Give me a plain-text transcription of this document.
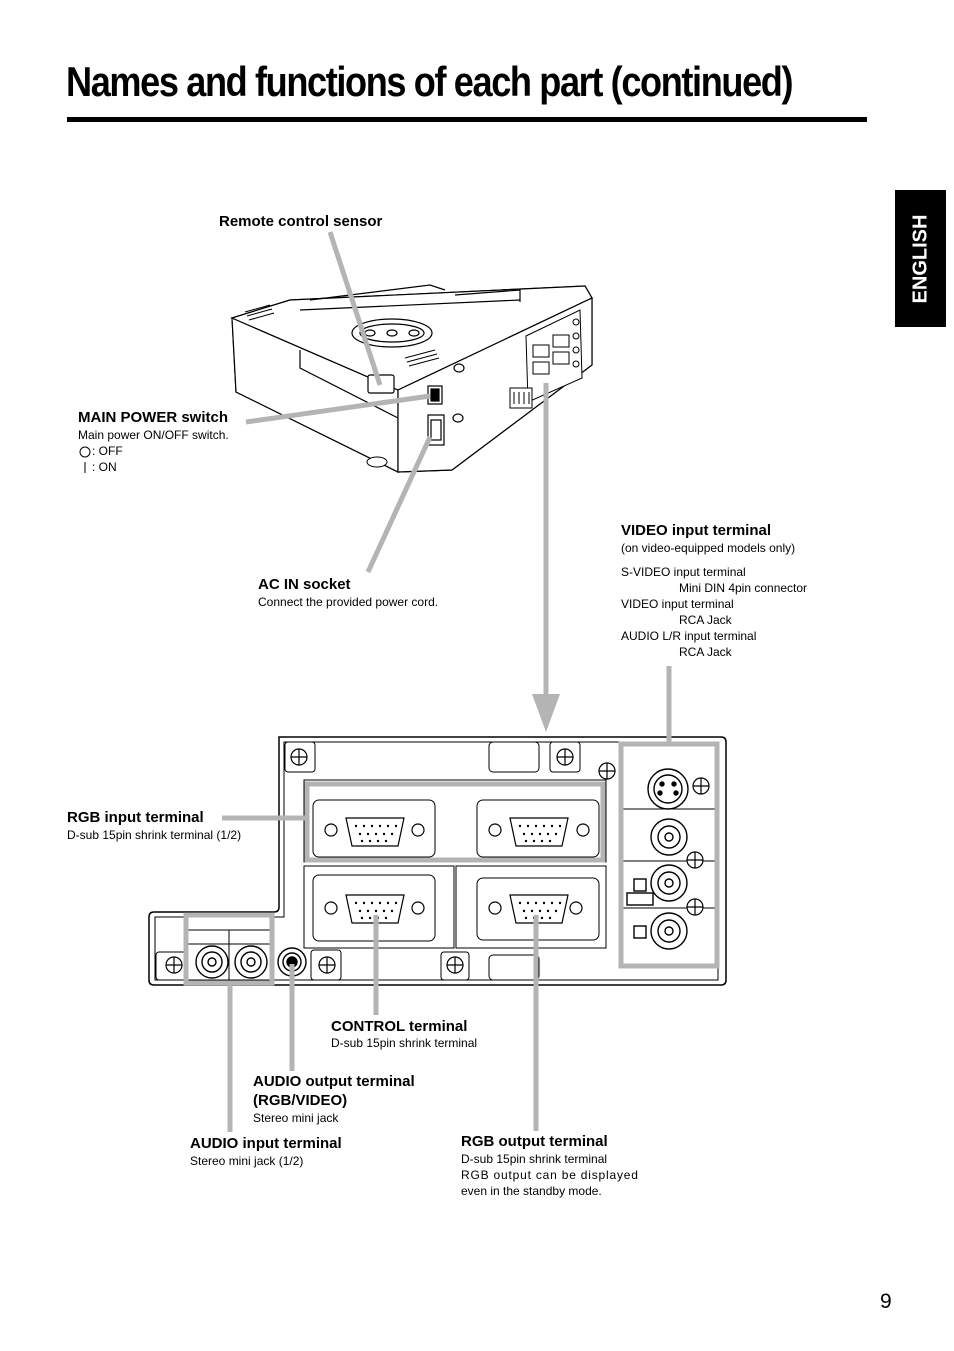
Names and functions of each part (continued)
ENGLISH
Remote control sensor
MAIN POWER switch
Main power ON/OFF switch.
: OFF
: ON
AC IN socket
Connect the provided power cord.
VIDEO input terminal
(on video-equipped models only)
S-VIDEO input terminal
Mini DIN 4pin connector
VIDEO input terminal
RCA Jack
AUDIO L/R input terminal
RCA Jack
RGB input terminal
D-sub 15pin shrink terminal (1/2)
CONTROL terminal
D-sub 15pin shrink terminal
AUDIO output terminal
(RGB/VIDEO)
Stereo mini jack
AUDIO input terminal
Stereo mini jack (1/2)
RGB output terminal
D-sub 15pin shrink terminal
RGB output can be displayed
even in the standby mode.
9
